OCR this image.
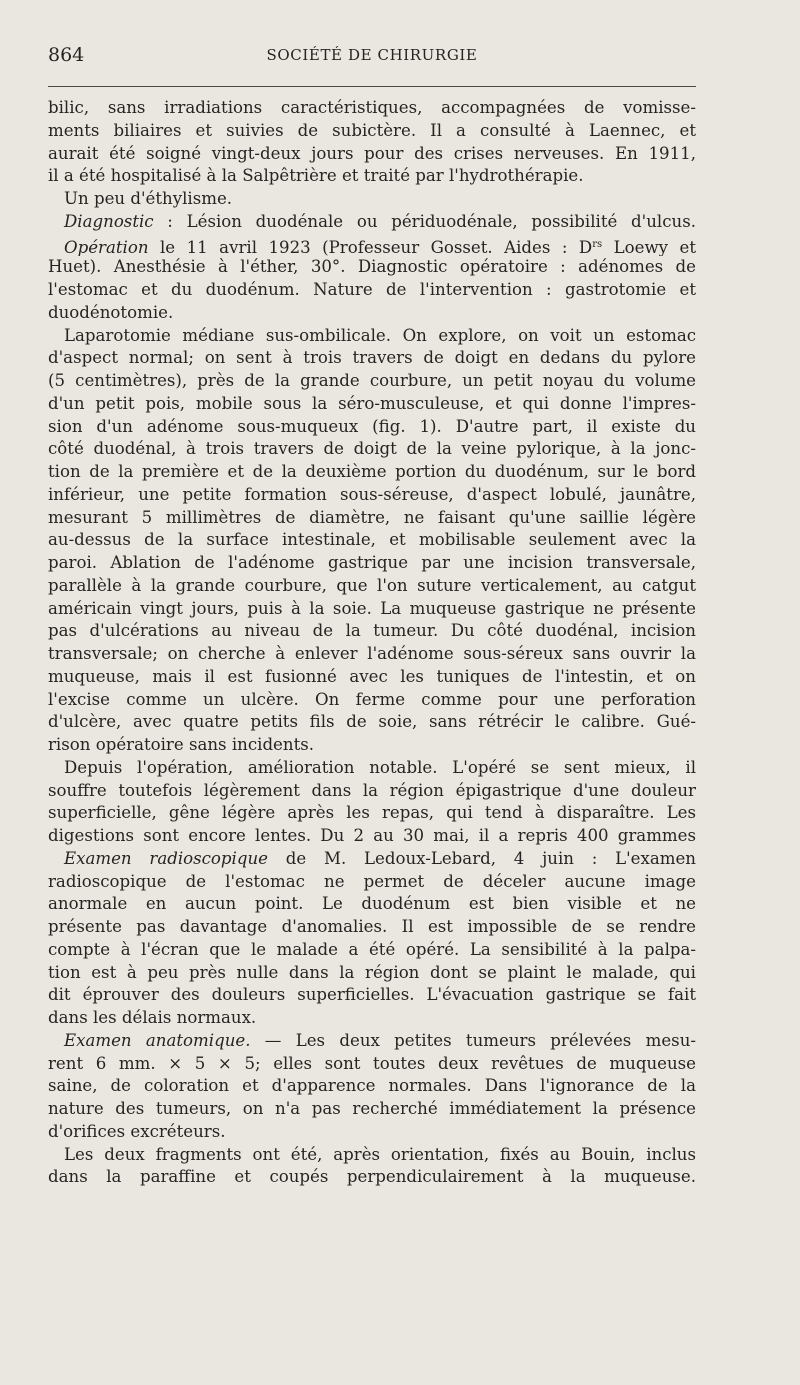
864	SOCIÉTÉ DE CHIRURGIE

bilic, sans irradiations caractéristiques, accompagnées de vomisse-
ments biliaires et suivies de subictère. Il a consulté à Laennec, et
aurait été soigné vingt-deux jours pour des crises nerveuses. En 1911,
il a été hospitalisé à la Salpêtrière et traité par l'hydrothérapie.

Un peu d'éthylisme.

Diagnostic : Lésion duodénale ou périduodénale, possibilité d'ulcus.

Opération le 11 avril 1923 (Professeur Gosset. Aides : $D^{rs}$ Loewy et
Huet). Anesthésie à l'éther, 30°. Diagnostic opératoire : adénomes de
l'estomac et du duodénum. Nature de l'intervention : gastrotomie et
duodénotomie.

Laparotomie médiane sus-ombilicale. On explore, on voit un estomac
d'aspect normal; on sent à trois travers de doigt en dedans du pylore
(5 centimètres), près de la grande courbure, un petit noyau du volume
d'un petit pois, mobile sous la séro-musculeuse, et qui donne l'impres-
sion d'un adénome sous-muqueux (fig. 1). D'autre part, il existe du
côté duodénal, à trois travers de doigt de la veine pylorique, à la jonc-
tion de la première et de la deuxième portion du duodénum, sur le bord
inférieur, une petite formation sous-séreuse, d'aspect lobulé, jaunâtre,
mesurant 5 millimètres de diamètre, ne faisant qu'une saillie légère
au-dessus de la surface intestinale, et mobilisable seulement avec la
paroi. Ablation de l'adénome gastrique par une incision transversale,
parallèle à la grande courbure, que l'on suture verticalement, au catgut
américain vingt jours, puis à la soie. La muqueuse gastrique ne présente
pas d'ulcérations au niveau de la tumeur. Du côté duodénal, incision
transversale; on cherche à enlever l'adénome sous-séreux sans ouvrir la
muqueuse, mais il est fusionné avec les tuniques de l'intestin, et on
l'excise comme un ulcère. On ferme comme pour une perforation
d'ulcère, avec quatre petits fils de soie, sans rétrécir le calibre. Gué-
rison opératoire sans incidents.

Depuis l'opération, amélioration notable. L'opéré se sent mieux, il
souffre toutefois légèrement dans la région épigastrique d'une douleur
superficielle, gêne légère après les repas, qui tend à disparaître. Les
digestions sont encore lentes. Du 2 au 30 mai, il a repris 400 grammes

Examen radioscopique de M. Ledoux-Lebard, 4 juin : L'examen
radioscopique de l'estomac ne permet de déceler aucune image
anormale en aucun point. Le duodénum est bien visible et ne
présente pas davantage d'anomalies. Il est impossible de se rendre
compte à l'écran que le malade a été opéré. La sensibilité à la palpa-
tion est à peu près nulle dans la région dont se plaint le malade, qui
dit éprouver des douleurs superficielles. L'évacuation gastrique se fait
dans les délais normaux.

Examen anatomique. — Les deux petites tumeurs prélevées mesu-
rent 6 mm. × 5 × 5; elles sont toutes deux revêtues de muqueuse
saine, de coloration et d'apparence normales. Dans l'ignorance de la
nature des tumeurs, on n'a pas recherché immédiatement la présence
d'orifices excréteurs.

Les deux fragments ont été, après orientation, fixés au Bouin, inclus
dans la paraffine et coupés perpendiculairement à la muqueuse.
